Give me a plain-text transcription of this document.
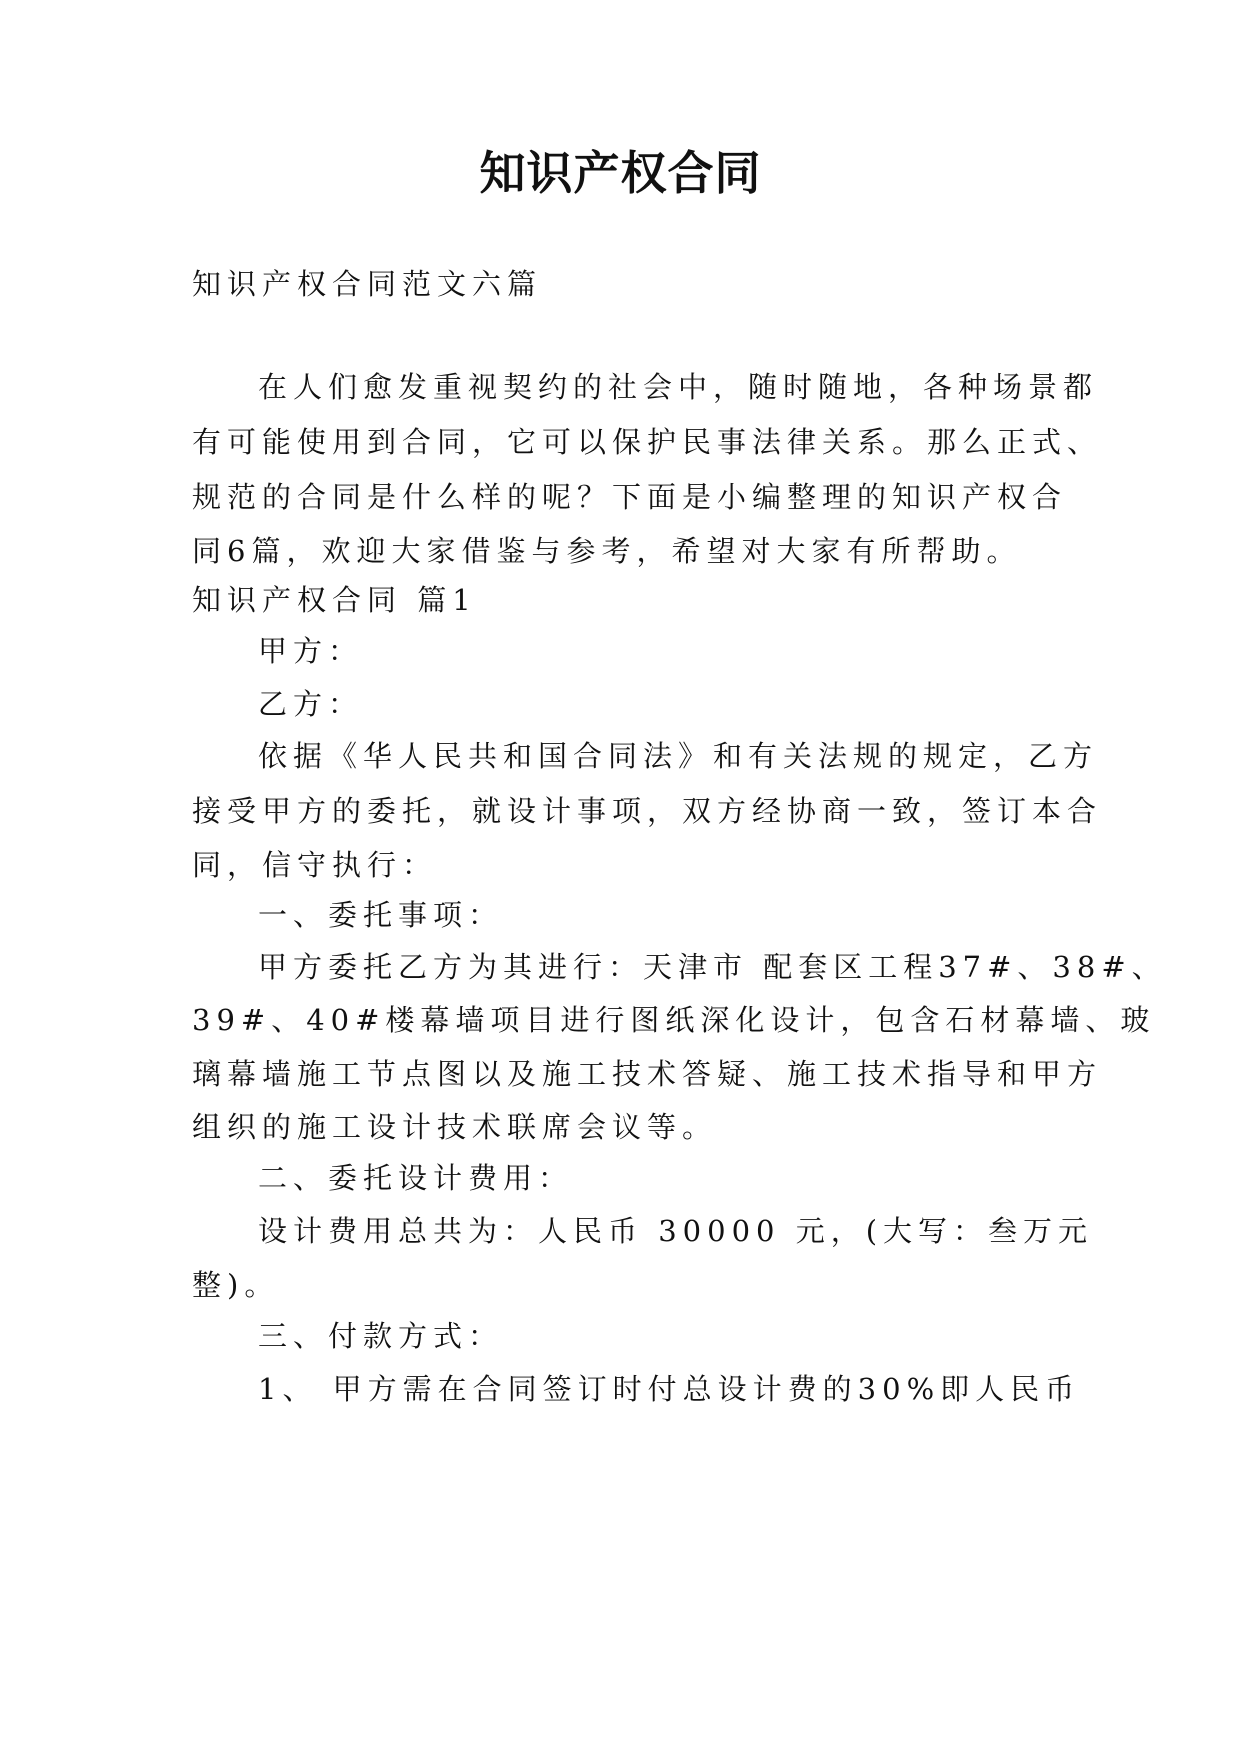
知识产权合同
知识产权合同范文六篇
在人们愈发重视契约的社会中，随时随地，各种场景都
有可能使用到合同，它可以保护民事法律关系。那么正式、
规范的合同是什么样的呢？下面是小编整理的知识产权合
同6篇，欢迎大家借鉴与参考，希望对大家有所帮助。
知识产权合同 篇1
甲方：
乙方：
依据《华人民共和国合同法》和有关法规的规定，乙方
接受甲方的委托，就设计事项，双方经协商一致，签订本合
同，信守执行：
一、委托事项：
甲方委托乙方为其进行：天津市 配套区工程37#、38#、
39#、40#楼幕墙项目进行图纸深化设计，包含石材幕墙、玻
璃幕墙施工节点图以及施工技术答疑、施工技术指导和甲方
组织的施工设计技术联席会议等。
二、委托设计费用：
设计费用总共为：人民币 30000 元，(大写：叁万元
整)。
三、付款方式：
1、 甲方需在合同签订时付总设计费的30%即人民币
